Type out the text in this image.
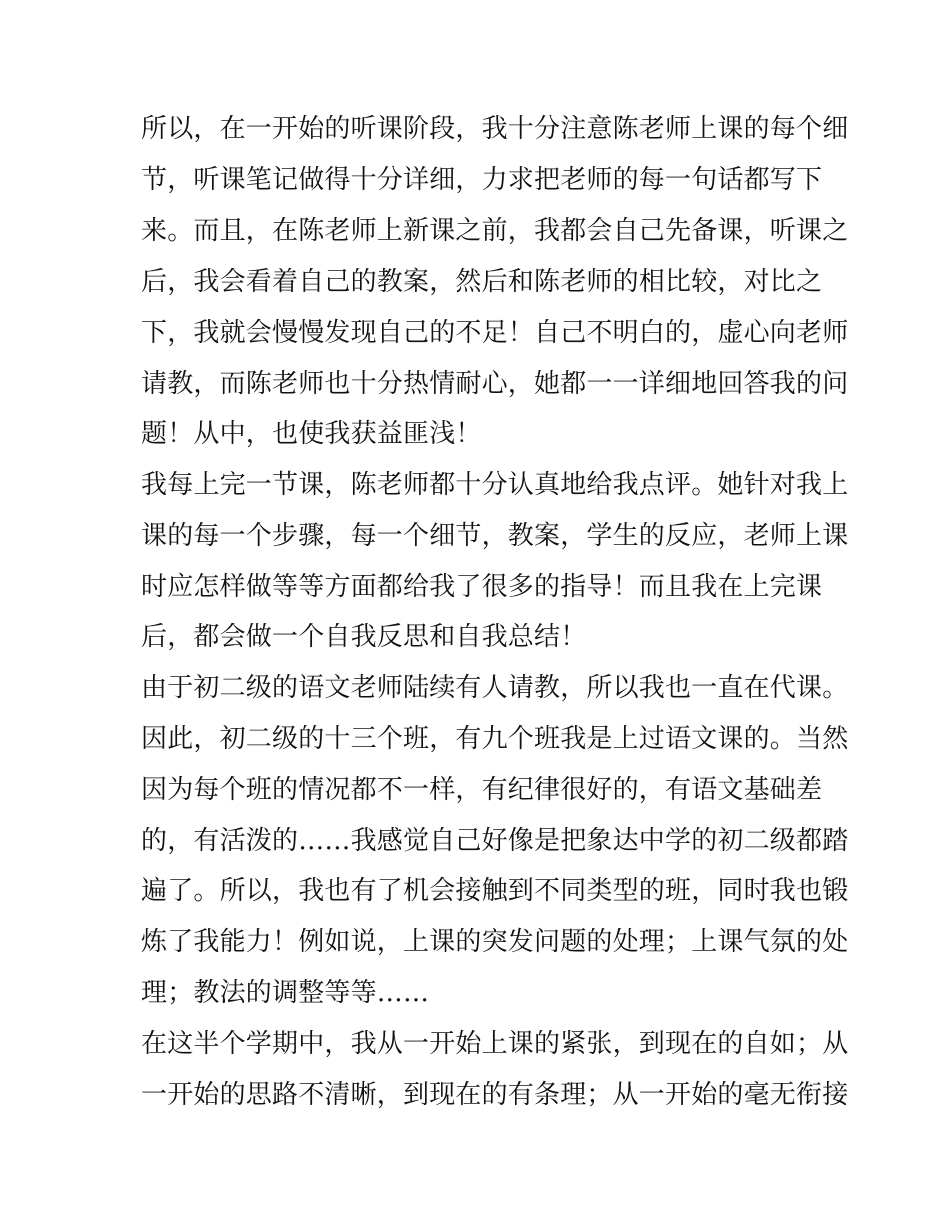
所以，在一开始的听课阶段，我十分注意陈老师上课的每个细
节，听课笔记做得十分详细，力求把老师的每一句话都写下
来。而且，在陈老师上新课之前，我都会自己先备课，听课之
后，我会看着自己的教案，然后和陈老师的相比较，对比之
下，我就会慢慢发现自己的不足！自己不明白的，虚心向老师
请教，而陈老师也十分热情耐心，她都一一详细地回答我的问
题！从中，也使我获益匪浅！
我每上完一节课，陈老师都十分认真地给我点评。她针对我上
课的每一个步骤，每一个细节，教案，学生的反应，老师上课
时应怎样做等等方面都给我了很多的指导！而且我在上完课
后，都会做一个自我反思和自我总结！
由于初二级的语文老师陆续有人请教，所以我也一直在代课。
因此，初二级的十三个班，有九个班我是上过语文课的。当然
因为每个班的情况都不一样，有纪律很好的，有语文基础差
的，有活泼的……我感觉自己好像是把象达中学的初二级都踏
遍了。所以，我也有了机会接触到不同类型的班，同时我也锻
炼了我能力！例如说，上课的突发问题的处理；上课气氛的处
理；教法的调整等等……
在这半个学期中，我从一开始上课的紧张，到现在的自如；从
一开始的思路不清晰，到现在的有条理；从一开始的毫无衔接
